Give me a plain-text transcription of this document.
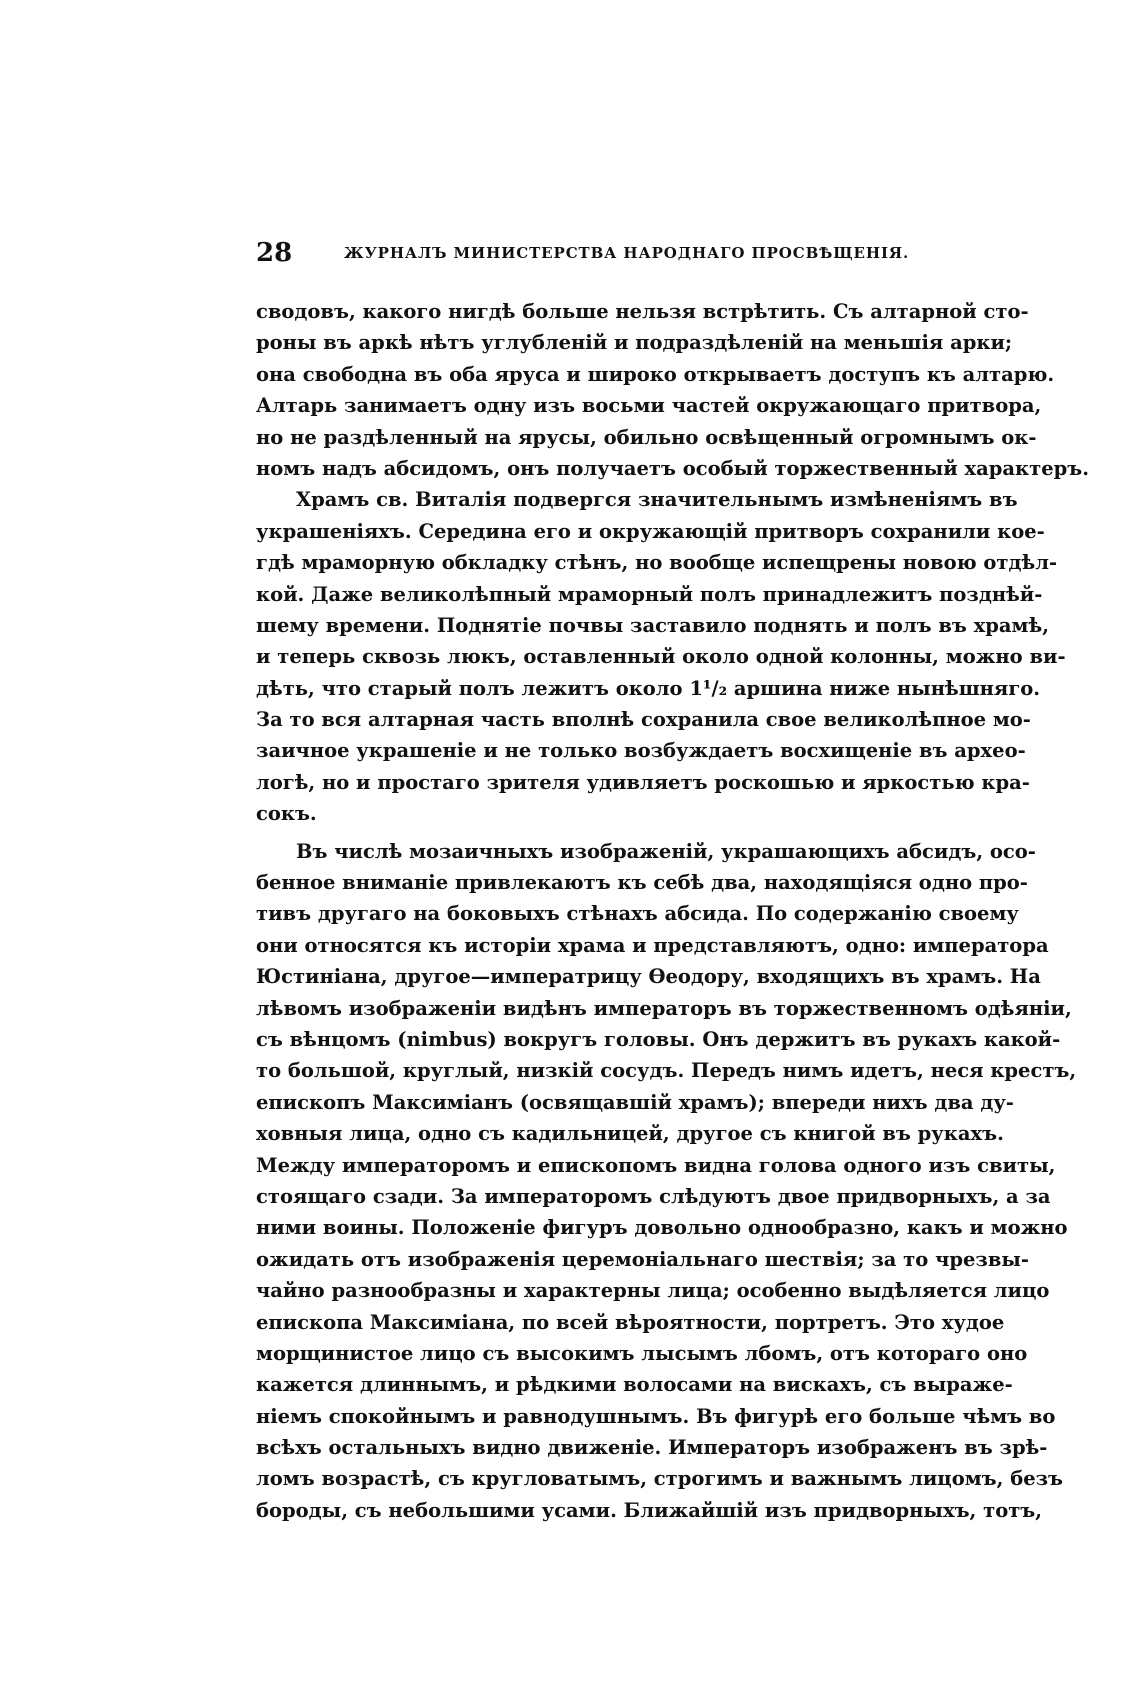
28	ЖУРНАЛЪ МИНИСТЕРСТВА НАРОДНАГО ПРОСВѢЩЕНІЯ.
сводовъ, какого нигдѣ больше нельзя встрѣтить. Съ алтарной сто-
роны въ аркѣ нѣтъ углубленій и подраздѣленій на меньшія арки;
она свободна въ оба яруса и широко открываетъ доступъ къ алтарю.
Алтарь занимаетъ одну изъ восьми частей окружающаго притвора,
но не раздѣленный на ярусы, обильно освѣщенный огромнымъ ок-
номъ надъ абсидомъ, онъ получаетъ особый торжественный характеръ.
Храмъ св. Виталія подвергся значительнымъ измѣненіямъ въ
украшеніяхъ. Середина его и окружающій притворъ сохранили кое-
гдѣ мраморную обкладку стѣнъ, но вообще испещрены новою отдѣл-
кой. Даже великолѣпный мраморный полъ принадлежитъ позднѣй-
шему времени. Поднятіе почвы заставило поднять и полъ въ храмѣ,
и теперь сквозь люкъ, оставленный около одной колонны, можно ви-
дѣть, что старый полъ лежитъ около 1¹/₂ аршина ниже нынѣшняго.
За то вся алтарная часть вполнѣ сохранила свое великолѣпное мо-
заичное украшеніе и не только возбуждаетъ восхищеніе въ архео-
логѣ, но и простаго зрителя удивляетъ роскошью и яркостью кра-
сокъ.
Въ числѣ мозаичныхъ изображеній, украшающихъ абсидъ, осо-
бенное вниманіе привлекаютъ къ себѣ два, находящіяся одно про-
тивъ другаго на боковыхъ стѣнахъ абсида. По содержанію своему
они относятся къ исторіи храма и представляютъ, одно: императора
Юстиніана, другое—императрицу Өеодору, входящихъ въ храмъ. На
лѣвомъ изображеніи видѣнъ императоръ въ торжественномъ одѣяніи,
съ вѣнцомъ (nimbus) вокругъ головы. Онъ держитъ въ рукахъ какой-
то большой, круглый, низкій сосудъ. Передъ нимъ идетъ, неся крестъ,
епископъ Максиміанъ (освящавшій храмъ); впереди нихъ два ду-
ховныя лица, одно съ кадильницей, другое съ книгой въ рукахъ.
Между императоромъ и епископомъ видна голова одного изъ свиты,
стоящаго сзади. За императоромъ слѣдуютъ двое придворныхъ, а за
ними воины. Положеніе фигуръ довольно однообразно, какъ и можно
ожидать отъ изображенія церемоніальнаго шествія; за то чрезвы-
чайно разнообразны и характерны лица; особенно выдѣляется лицо
епископа Максиміана, по всей вѣроятности, портретъ. Это худое
морщинистое лицо съ высокимъ лысымъ лбомъ, отъ котораго оно
кажется длиннымъ, и рѣдкими волосами на вискахъ, съ выраже-
ніемъ спокойнымъ и равнодушнымъ. Въ фигурѣ его больше чѣмъ во
всѣхъ остальныхъ видно движеніе. Императоръ изображенъ въ зрѣ-
ломъ возрастѣ, съ кругловатымъ, строгимъ и важнымъ лицомъ, безъ
бороды, съ небольшими усами. Ближайшій изъ придворныхъ, тотъ,
